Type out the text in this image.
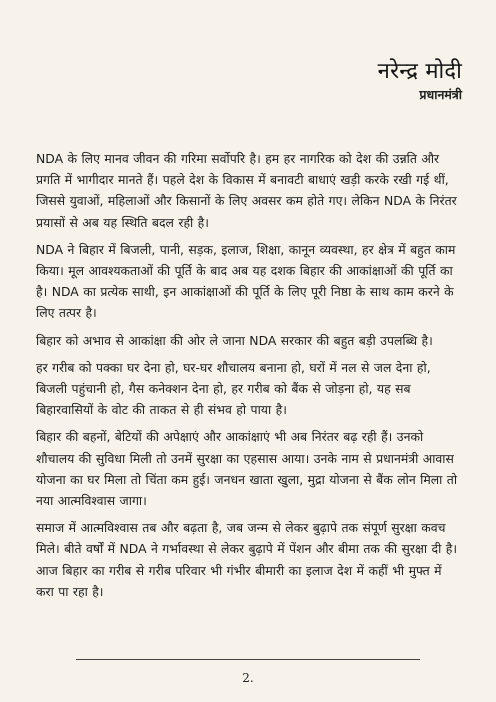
नरेन्द्र मोदी
प्रधानमंत्री

NDA के लिए मानव जीवन की गरिमा सर्वोपरि है। हम हर नागरिक को देश की उन्नति और प्रगति में भागीदार मानते हैं। पहले देश के विकास में बनावटी बाधाएं खड़ी करके रखी गई थीं, जिससे युवाओं, महिलाओं और किसानों के लिए अवसर कम होते गए। लेकिन NDA के निरंतर प्रयासों से अब यह स्थिति बदल रही है।

NDA ने बिहार में बिजली, पानी, सड़क, इलाज, शिक्षा, कानून व्यवस्था, हर क्षेत्र में बहुत काम किया। मूल आवश्यकताओं की पूर्ति के बाद अब यह दशक बिहार की आकांक्षाओं की पूर्ति का है। NDA का प्रत्येक साथी, इन आकांक्षाओं की पूर्ति के लिए पूरी निष्ठा के साथ काम करने के लिए तत्पर है।

बिहार को अभाव से आकांक्षा की ओर ले जाना NDA सरकार की बहुत बड़ी उपलब्धि है।

हर गरीब को पक्का घर देना हो, घर-घर शौचालय बनाना हो, घरों में नल से जल देना हो, बिजली पहुंचानी हो, गैस कनेक्शन देना हो, हर गरीब को बैंक से जोड़ना हो, यह सब बिहारवासियों के वोट की ताकत से ही संभव हो पाया है।

बिहार की बहनों, बेटियों की अपेक्षाएं और आकांक्षाएं भी अब निरंतर बढ़ रही हैं। उनको शौचालय की सुविधा मिली तो उनमें सुरक्षा का एहसास आया। उनके नाम से प्रधानमंत्री आवास योजना का घर मिला तो चिंता कम हुई। जनधन खाता खुला, मुद्रा योजना से बैंक लोन मिला तो नया आत्मविश्वास जागा।

समाज में आत्मविश्वास तब और बढ़ता है, जब जन्म से लेकर बुढ़ापे तक संपूर्ण सुरक्षा कवच मिले। बीते वर्षों में NDA ने गर्भावस्था से लेकर बुढ़ापे में पेंशन और बीमा तक की सुरक्षा दी है। आज बिहार का गरीब से गरीब परिवार भी गंभीर बीमारी का इलाज देश में कहीं भी मुफ्त में करा पा रहा है।

2.
